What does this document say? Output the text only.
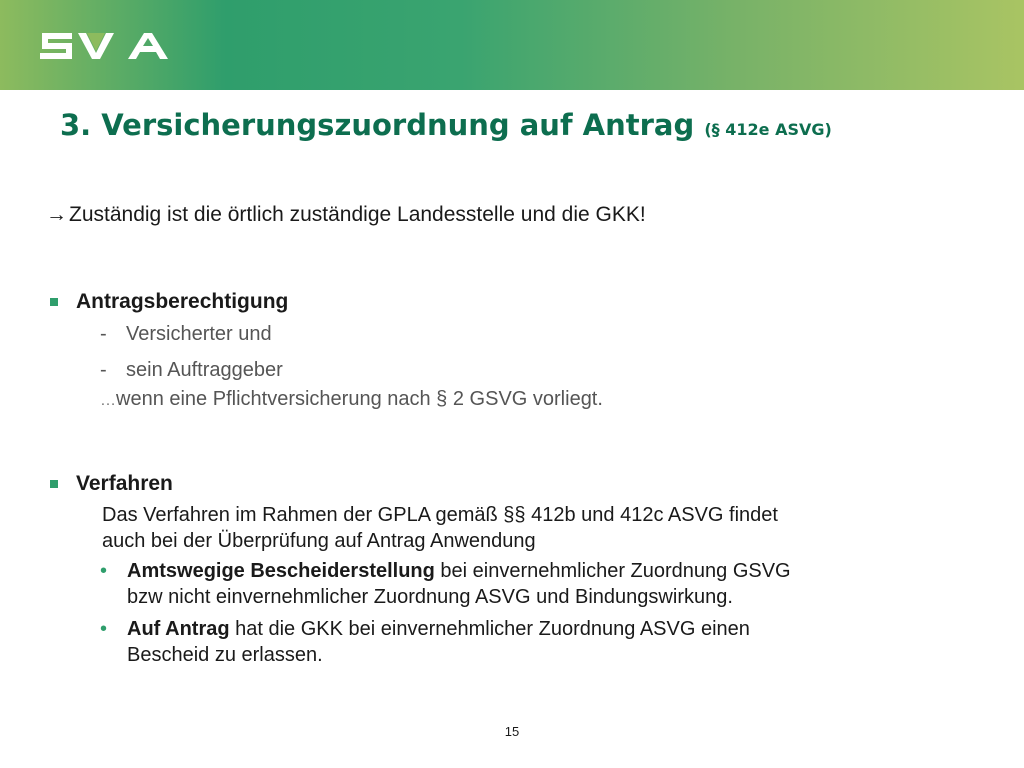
3. Versicherungszuordnung auf Antrag (§ 412e ASVG)
→Zuständig ist die örtlich zuständige Landesstelle und die GKK!
Antragsberechtigung
- Versicherter und
- sein Auftraggeber
…wenn eine Pflichtversicherung nach § 2 GSVG vorliegt.
Verfahren
Das Verfahren im Rahmen der GPLA gemäß §§ 412b und 412c ASVG findet
auch bei der Überprüfung auf Antrag Anwendung
• Amtswegige Bescheiderstellung bei einvernehmlicher Zuordnung GSVG
bzw nicht einvernehmlicher Zuordnung ASVG und Bindungswirkung.
• Auf Antrag hat die GKK bei einvernehmlicher Zuordnung ASVG einen
Bescheid zu erlassen.
15
